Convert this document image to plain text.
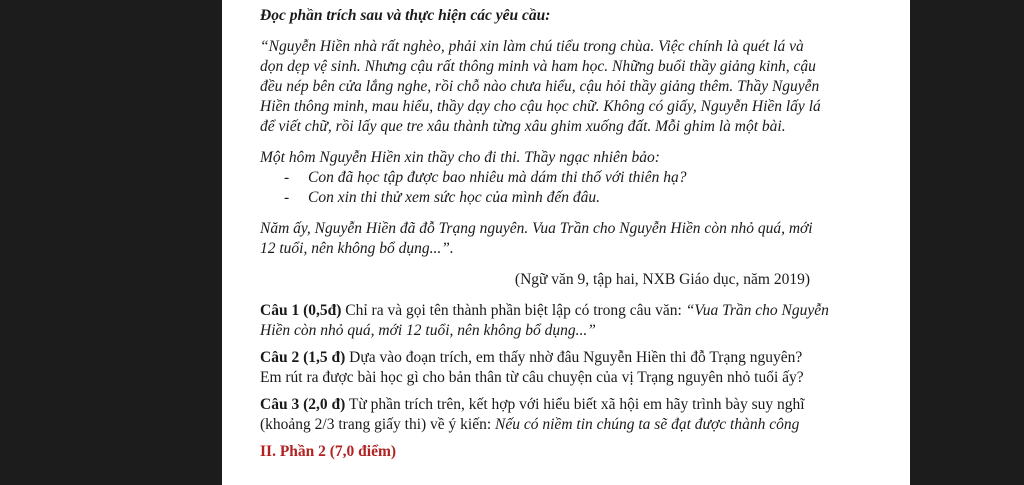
Đọc phần trích sau và thực hiện các yêu cầu:

“Nguyễn Hiền nhà rất nghèo, phải xin làm chú tiểu trong chùa. Việc chính là quét lá và
dọn dẹp vệ sinh. Nhưng cậu rất thông minh và ham học. Những buổi thầy giảng kinh, cậu
đều nép bên cửa lắng nghe, rồi chỗ nào chưa hiểu, cậu hỏi thầy giảng thêm. Thầy Nguyễn
Hiền thông minh, mau hiểu, thầy dạy cho cậu học chữ. Không có giấy, Nguyễn Hiền lấy lá
để viết chữ, rồi lấy que tre xâu thành từng xâu ghim xuống đất. Mỗi ghim là một bài.

Một hôm Nguyễn Hiền xin thầy cho đi thi. Thầy ngạc nhiên bảo:

- Con đã học tập được bao nhiêu mà dám thi thố với thiên hạ?
- Con xin thi thử xem sức học của mình đến đâu.
Năm ấy, Nguyễn Hiền đã đỗ Trạng nguyên. Vua Trần cho Nguyễn Hiền còn nhỏ quá, mới
12 tuổi, nên không bổ dụng...”.

(Ngữ văn 9, tập hai, NXB Giáo dục, năm 2019)

Câu 1 (0,5đ) Chỉ ra và gọi tên thành phần biệt lập có trong câu văn: “Vua Trần cho Nguyễn
Hiền còn nhỏ quá, mới 12 tuổi, nên không bổ dụng...”
Câu 2 (1,5 đ) Dựa vào đoạn trích, em thấy nhờ đâu Nguyễn Hiền thi đỗ Trạng nguyên?
Em rút ra được bài học gì cho bản thân từ câu chuyện của vị Trạng nguyên nhỏ tuổi ấy?
Câu 3 (2,0 đ) Từ phần trích trên, kết hợp với hiểu biết xã hội em hãy trình bày suy nghĩ
(khoảng 2/3 trang giấy thi) về ý kiến: Nếu có niềm tin chúng ta sẽ đạt được thành công

II. Phần 2 (7,0 điểm)
